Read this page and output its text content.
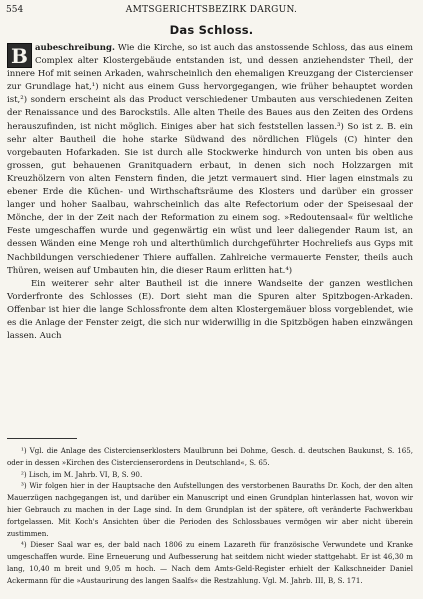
554	AMTSGERICHTSBEZIRK DARGUN.
Das Schloss.

B aubeschreibung. Wie die Kirche, so ist auch das anstossende Schloss, das aus einem Complex alter Klostergebäude entstanden ist, und dessen anziehendster Theil, der innere Hof mit seinen Arkaden, wahrscheinlich den ehemaligen Kreuzgang der Cistercienser zur Grundlage hat,¹) nicht aus einem Guss hervorgegangen, wie früher behauptet worden ist,²) sondern erscheint als das Product verschiedener Umbauten aus verschiedenen Zeiten der Renaissance und des Barockstils. Alle alten Theile des Baues aus den Zeiten des Ordens herauszufinden, ist nicht möglich. Einiges aber hat sich feststellen lassen.³) So ist z. B. ein sehr alter Bautheil die hohe starke Südwand des nördlichen Flügels (C) hinter den vorgebauten Hofarkaden. Sie ist durch alle Stockwerke hindurch von unten bis oben aus grossen, gut behauenen Granitquadern erbaut, in denen sich noch Holzzargen mit Kreuzhölzern von alten Fenstern finden, die jetzt vermauert sind. Hier lagen einstmals zu ebener Erde die Küchen- und Wirthschaftsräume des Klosters und darüber ein grosser langer und hoher Saalbau, wahrscheinlich das alte Refectorium oder der Speisesaal der Mönche, der in der Zeit nach der Reformation zu einem sog. »Redoutensaal« für weltliche Feste umgeschaffen wurde und gegenwärtig ein wüst und leer daliegender Raum ist, an dessen Wänden eine Menge roh und alterthümlich durchgeführter Hochreliefs aus Gyps mit Nachbildungen verschiedener Thiere auffallen. Zahlreiche vermauerte Fenster, theils auch Thüren, weisen auf Umbauten hin, die dieser Raum erlitten hat.⁴)

Ein weiterer sehr alter Bautheil ist die innere Wandseite der ganzen westlichen Vorderfronte des Schlosses (E). Dort sieht man die Spuren alter Spitzbogen-Arkaden. Offenbar ist hier die lange Schlossfronte dem alten Klostergemäuer bloss vorgeblendet, wie es die Anlage der Fenster zeigt, die sich nur widerwillig in die Spitzbögen haben einzwängen lassen. Auch

¹) Vgl. die Anlage des Cistercienserklosters Maulbrunn bei Dohme, Gesch. d. deutschen Baukunst, S. 165, oder in dessen »Kirchen des Cistercienserordens in Deutschland«, S. 65.

²) Lisch, im M. Jahrb. VI, B, S. 90.

³) Wir folgen hier in der Hauptsache den Aufstellungen des verstorbenen Bauraths Dr. Koch, der den alten Mauerzügen nachgegangen ist, und darüber ein Manuscript und einen Grundplan hinterlassen hat, wovon wir hier Gebrauch zu machen in der Lage sind. In dem Grundplan ist der spätere, oft veränderte Fachwerkbau fortgelassen. Mit Koch's Ansichten über die Perioden des Schlossbaues vermögen wir aber nicht überein zustimmen.

⁴) Dieser Saal war es, der bald nach 1806 zu einem Lazareth für französische Verwundete und Kranke umgeschaffen wurde. Eine Erneuerung und Aufbesserung hat seitdem nicht wieder stattgehabt. Er ist 46,30 m lang, 10,40 m breit und 9,05 m hoch. — Nach dem Amts-Geld-Register erhielt der Kalkschneider Daniel Ackermann für die »Austaurirung des langen Saalfs« die Restzahlung. Vgl. M. Jahrb. III, B, S. 171.
